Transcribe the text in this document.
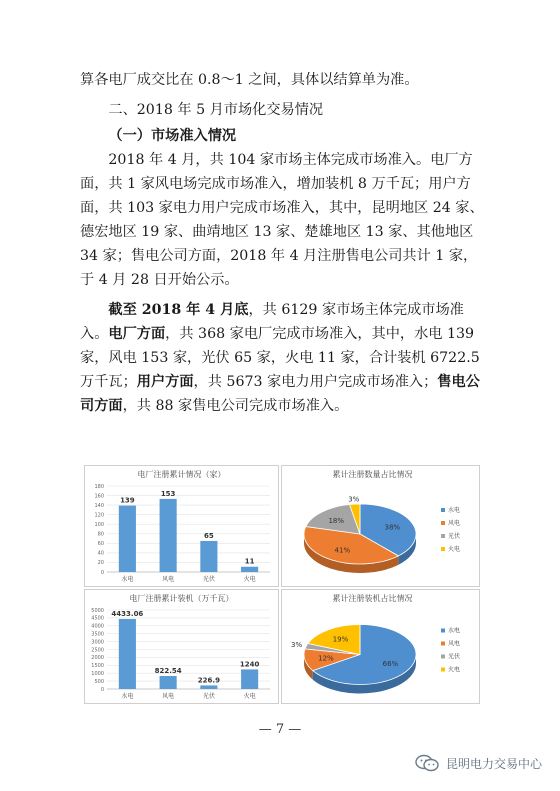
算各电厂成交比在 0.8～1 之间，具体以结算单为准。

二、2018 年 5 月市场化交易情况

（一）市场准入情况

2018 年 4 月，共 104 家市场主体完成市场准入。电厂方面，共 1 家风电场完成市场准入，增加装机 8 万千瓦；用户方面，共 103 家电力用户完成市场准入，其中，昆明地区 24 家、德宏地区 19 家、曲靖地区 13 家、楚雄地区 13 家、其他地区 34 家；售电公司方面，2018 年 4 月注册售电公司共计 1 家，于 4 月 28 日开始公示。

截至 2018 年 4 月底，共 6129 家市场主体完成市场准入。电厂方面，共 368 家电厂完成市场准入，其中，水电 139 家，风电 153 家，光伏 65 家，火电 11 家，合计装机 6722.5 万千瓦；用户方面，共 5673 家电力用户完成市场准入；售电公司方面，共 88 家售电公司完成市场准入。

电厂注册累计情况（家）
0
20
40
60
80
100
120
140
160
180
139
水电
153
风电
65
光伏
11
火电
累计注册数量占比情况
38%
41%
18%
3%
水电
风电
光伏
火电
电厂注册累计装机（万千瓦）
0
500
1000
1500
2000
2500
3000
3500
4000
4500
5000 4433.06
水电
822.54
风电
226.9
光伏
1240
火电
累计注册装机占比情况
66%
12%
3%
19%
水电
风电
光伏
火电
— 7 —
昆明电力交易中心
